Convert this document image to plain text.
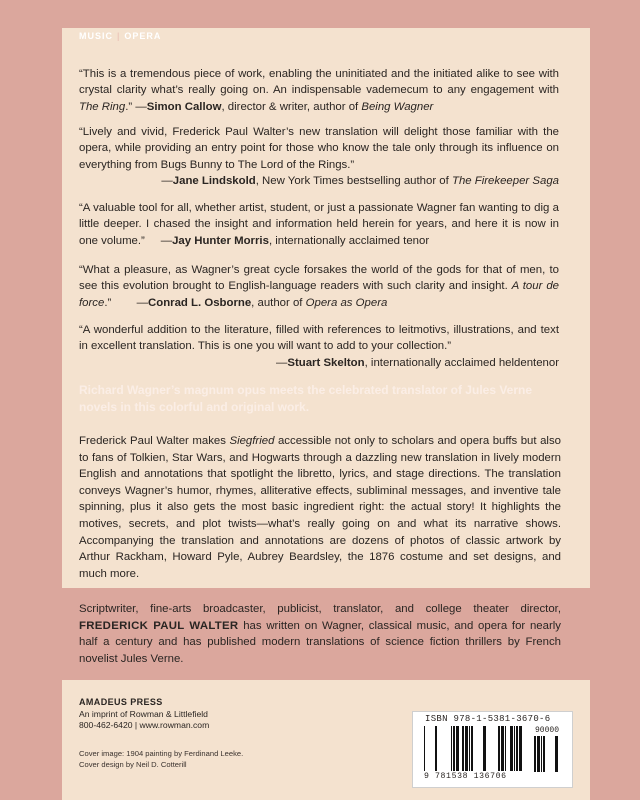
MUSIC | OPERA
“This is a tremendous piece of work, enabling the uninitiated and the initiated alike to see with crystal clarity what’s really going on. An indispensable vademecum to any engagement with The Ring.” —Simon Callow, director & writer, author of Being Wagner
“Lively and vivid, Frederick Paul Walter’s new translation will delight those familiar with the opera, while providing an entry point for those who know the tale only through its influence on everything from Bugs Bunny to The Lord of the Rings.”
—Jane Lindskold, New York Times bestselling author of The Firekeeper Saga
“A valuable tool for all, whether artist, student, or just a passionate Wagner fan wanting to dig a little deeper. I chased the insight and information held herein for years, and here it is now in one volume.” —Jay Hunter Morris, internationally acclaimed tenor
“What a pleasure, as Wagner’s great cycle forsakes the world of the gods for that of men, to see this evolution brought to English-language readers with such clarity and insight. A tour de force.” —Conrad L. Osborne, author of Opera as Opera
“A wonderful addition to the literature, filled with references to leitmotivs, illustrations, and text in excellent translation. This is one you will want to add to your collection.”
—Stuart Skelton, internationally acclaimed heldentenor
Richard Wagner’s magnum opus meets the celebrated translator of Jules Verne novels in this colorful and original work.
Frederick Paul Walter makes Siegfried accessible not only to scholars and opera buffs but also to fans of Tolkien, Star Wars, and Hogwarts through a dazzling new translation in lively modern English and annotations that spotlight the libretto, lyrics, and stage directions. The translation conveys Wagner’s humor, rhymes, alliterative effects, subliminal messages, and inventive tale spinning, plus it also gets the most basic ingredient right: the actual story! It highlights the motives, secrets, and plot twists—what’s really going on and what its narrative shows. Accompanying the translation and annotations are dozens of photos of classic artwork by Arthur Rackham, Howard Pyle, Aubrey Beardsley, the 1876 costume and set designs, and much more.
Scriptwriter, fine-arts broadcaster, publicist, translator, and college theater director, FREDERICK PAUL WALTER has written on Wagner, classical music, and opera for nearly half a century and has published modern translations of science fiction thrillers by French novelist Jules Verne.
AMADEUS PRESS
An imprint of Rowman & Littlefield
800-462-6420 | www.rowman.com
Cover image: 1904 painting by Ferdinand Leeke.
Cover design by Neil D. Cotterill
ISBN 978-1-5381-3670-6
9 781538 136706
90000
